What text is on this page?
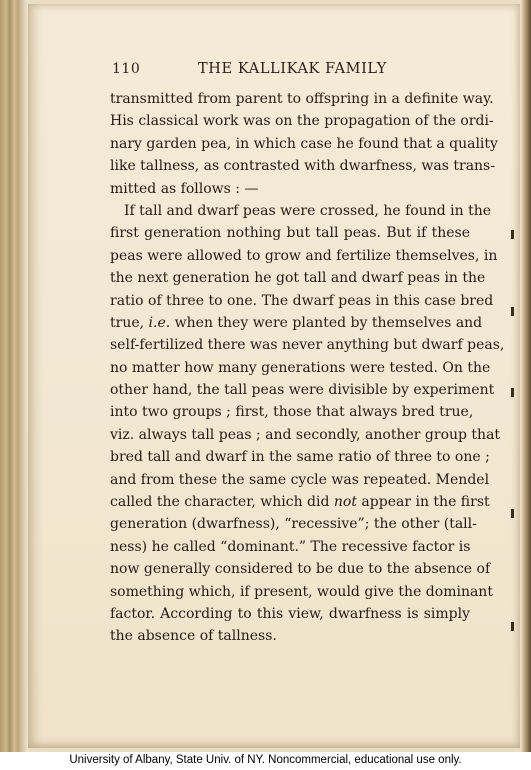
110	THE KALLIKAK FAMILY
transmitted from parent to offspring in a definite way.
His classical work was on the propagation of the ordi-
nary garden pea, in which case he found that a quality
like tallness, as contrasted with dwarfness, was trans-
mitted as follows : —
If tall and dwarf peas were crossed, he found in the
first generation nothing but tall peas. But if these
peas were allowed to grow and fertilize themselves, in
the next generation he got tall and dwarf peas in the
ratio of three to one. The dwarf peas in this case bred
true, i.e. when they were planted by themselves and
self-fertilized there was never anything but dwarf peas,
no matter how many generations were tested. On the
other hand, the tall peas were divisible by experiment
into two groups ; first, those that always bred true,
viz. always tall peas ; and secondly, another group that
bred tall and dwarf in the same ratio of three to one ;
and from these the same cycle was repeated. Mendel
called the character, which did not appear in the first
generation (dwarfness), “recessive”; the other (tall-
ness) he called “dominant.” The recessive factor is
now generally considered to be due to the absence of
something which, if present, would give the dominant
factor. According to this view, dwarfness is simply
the absence of tallness.
University of Albany, State Univ. of NY. Noncommercial, educational use only.
